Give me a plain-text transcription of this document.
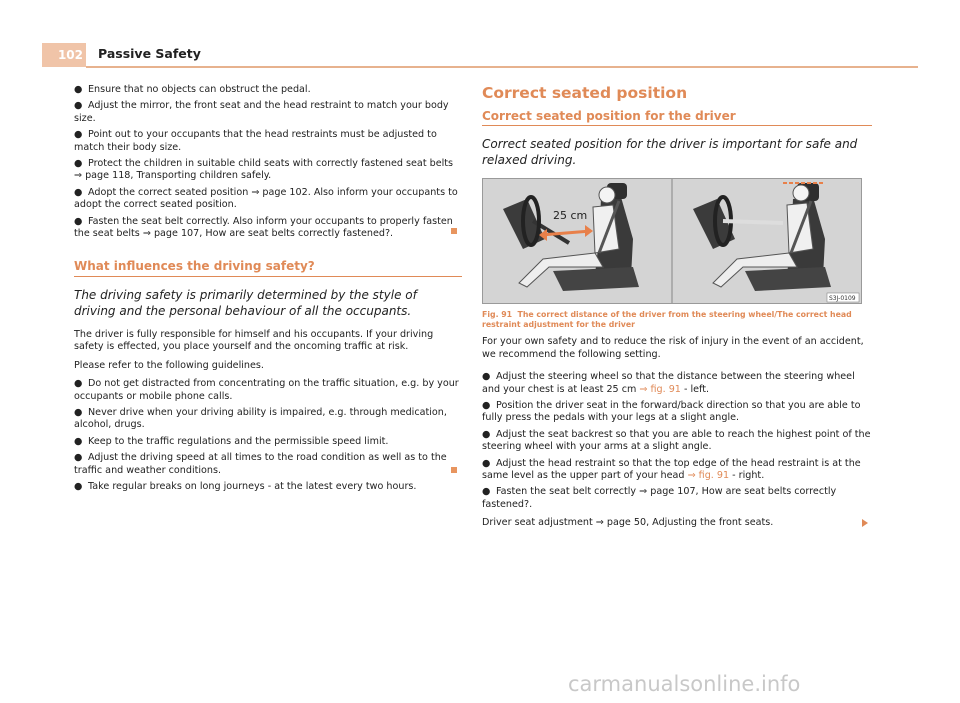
102 Passive Safety
● Ensure that no objects can obstruct the pedal.
● Adjust the mirror, the front seat and the head restraint to match your body size.
● Point out to your occupants that the head restraints must be adjusted to match their body size.
● Protect the children in suitable child seats with correctly fastened seat belts ⇒ page 118, Transporting children safely.
● Adopt the correct seated position ⇒ page 102. Also inform your occupants to adopt the correct seated position.
● Fasten the seat belt correctly. Also inform your occupants to properly fasten the seat belts ⇒ page 107, How are seat belts correctly fastened?.
What influences the driving safety?
The driving safety is primarily determined by the style of driving and the personal behaviour of all the occupants.

The driver is fully responsible for himself and his occupants. If your driving safety is effected, you place yourself and the oncoming traffic at risk.

Please refer to the following guidelines.

● Do not get distracted from concentrating on the traffic situation, e.g. by your occupants or mobile phone calls.
● Never drive when your driving ability is impaired, e.g. through medication, alcohol, drugs.
● Keep to the traffic regulations and the permissible speed limit.
● Adjust the driving speed at all times to the road condition as well as to the traffic and weather conditions.
● Take regular breaks on long journeys - at the latest every two hours.
Correct seated position
Correct seated position for the driver
Correct seated position for the driver is important for safe and relaxed driving.
25 cm
S3J-0109
Fig. 91 The correct distance of the driver from the steering wheel/The correct head restraint adjustment for the driver

For your own safety and to reduce the risk of injury in the event of an accident, we recommend the following setting.

● Adjust the steering wheel so that the distance between the steering wheel and your chest is at least 25 cm ⇒ fig. 91 - left.
● Position the driver seat in the forward/back direction so that you are able to fully press the pedals with your legs at a slight angle.
● Adjust the seat backrest so that you are able to reach the highest point of the steering wheel with your arms at a slight angle.
● Adjust the head restraint so that the top edge of the head restraint is at the same level as the upper part of your head ⇒ fig. 91 - right.
● Fasten the seat belt correctly ⇒ page 107, How are seat belts correctly fastened?.

Driver seat adjustment ⇒ page 50, Adjusting the front seats.

carmanualsonline.info
